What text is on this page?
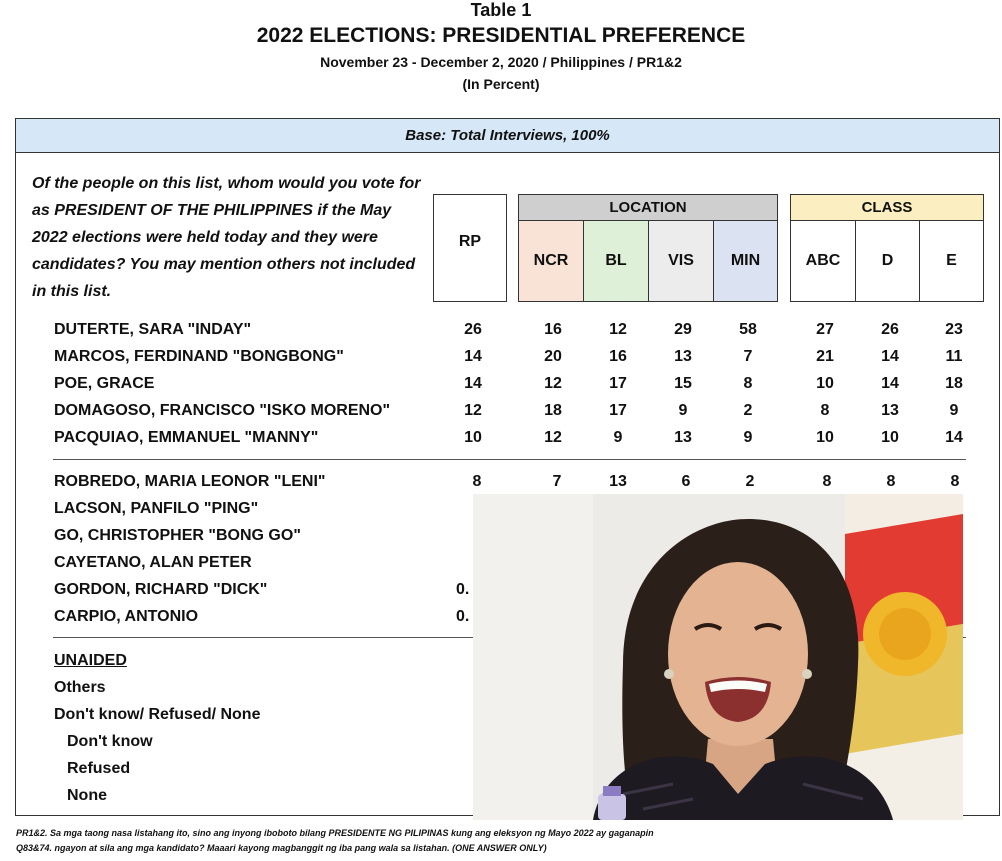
Table 1
2022 ELECTIONS: PRESIDENTIAL PREFERENCE
November 23 - December 2, 2020 / Philippines / PR1&2
(In Percent)
Base: Total Interviews, 100%
Of the people on this list, whom would you vote for as PRESIDENT OF THE PHILIPPINES if the May 2022 elections were held today and they were candidates? You may mention others not included in this list.
RP
LOCATION
NCR	BL	VIS	MIN
CLASS
ABC	D	E
DUTERTE, SARA "INDAY"	26	16	12	29	58	27	26	23
MARCOS, FERDINAND "BONGBONG"	14	20	16	13	7	21	14	11
POE, GRACE	14	12	17	15	8	10	14	18
DOMAGOSO, FRANCISCO "ISKO MORENO"	12	18	17	9	2	8	13	9
PACQUIAO, EMMANUEL "MANNY"	10	12	9	13	9	10	10	14
ROBREDO, MARIA LEONOR "LENI"	8	7	13	6	2	8	8	8
LACSON, PANFILO "PING"
GO, CHRISTOPHER "BONG GO"
CAYETANO, ALAN PETER
GORDON, RICHARD "DICK"	0.
CARPIO, ANTONIO	0.
UNAIDED
Others
Don't know/ Refused/ None
Don't know
Refused
None
PR1&2. Sa mga taong nasa listahang ito, sino ang inyong iboboto bilang PRESIDENTE NG PILIPINAS kung ang eleksyon ng Mayo 2022 ay gaganapin
Q83&74. ngayon at sila ang mga kandidato? Maaari kayong magbanggit ng iba pang wala sa listahan. (ONE ANSWER ONLY)
